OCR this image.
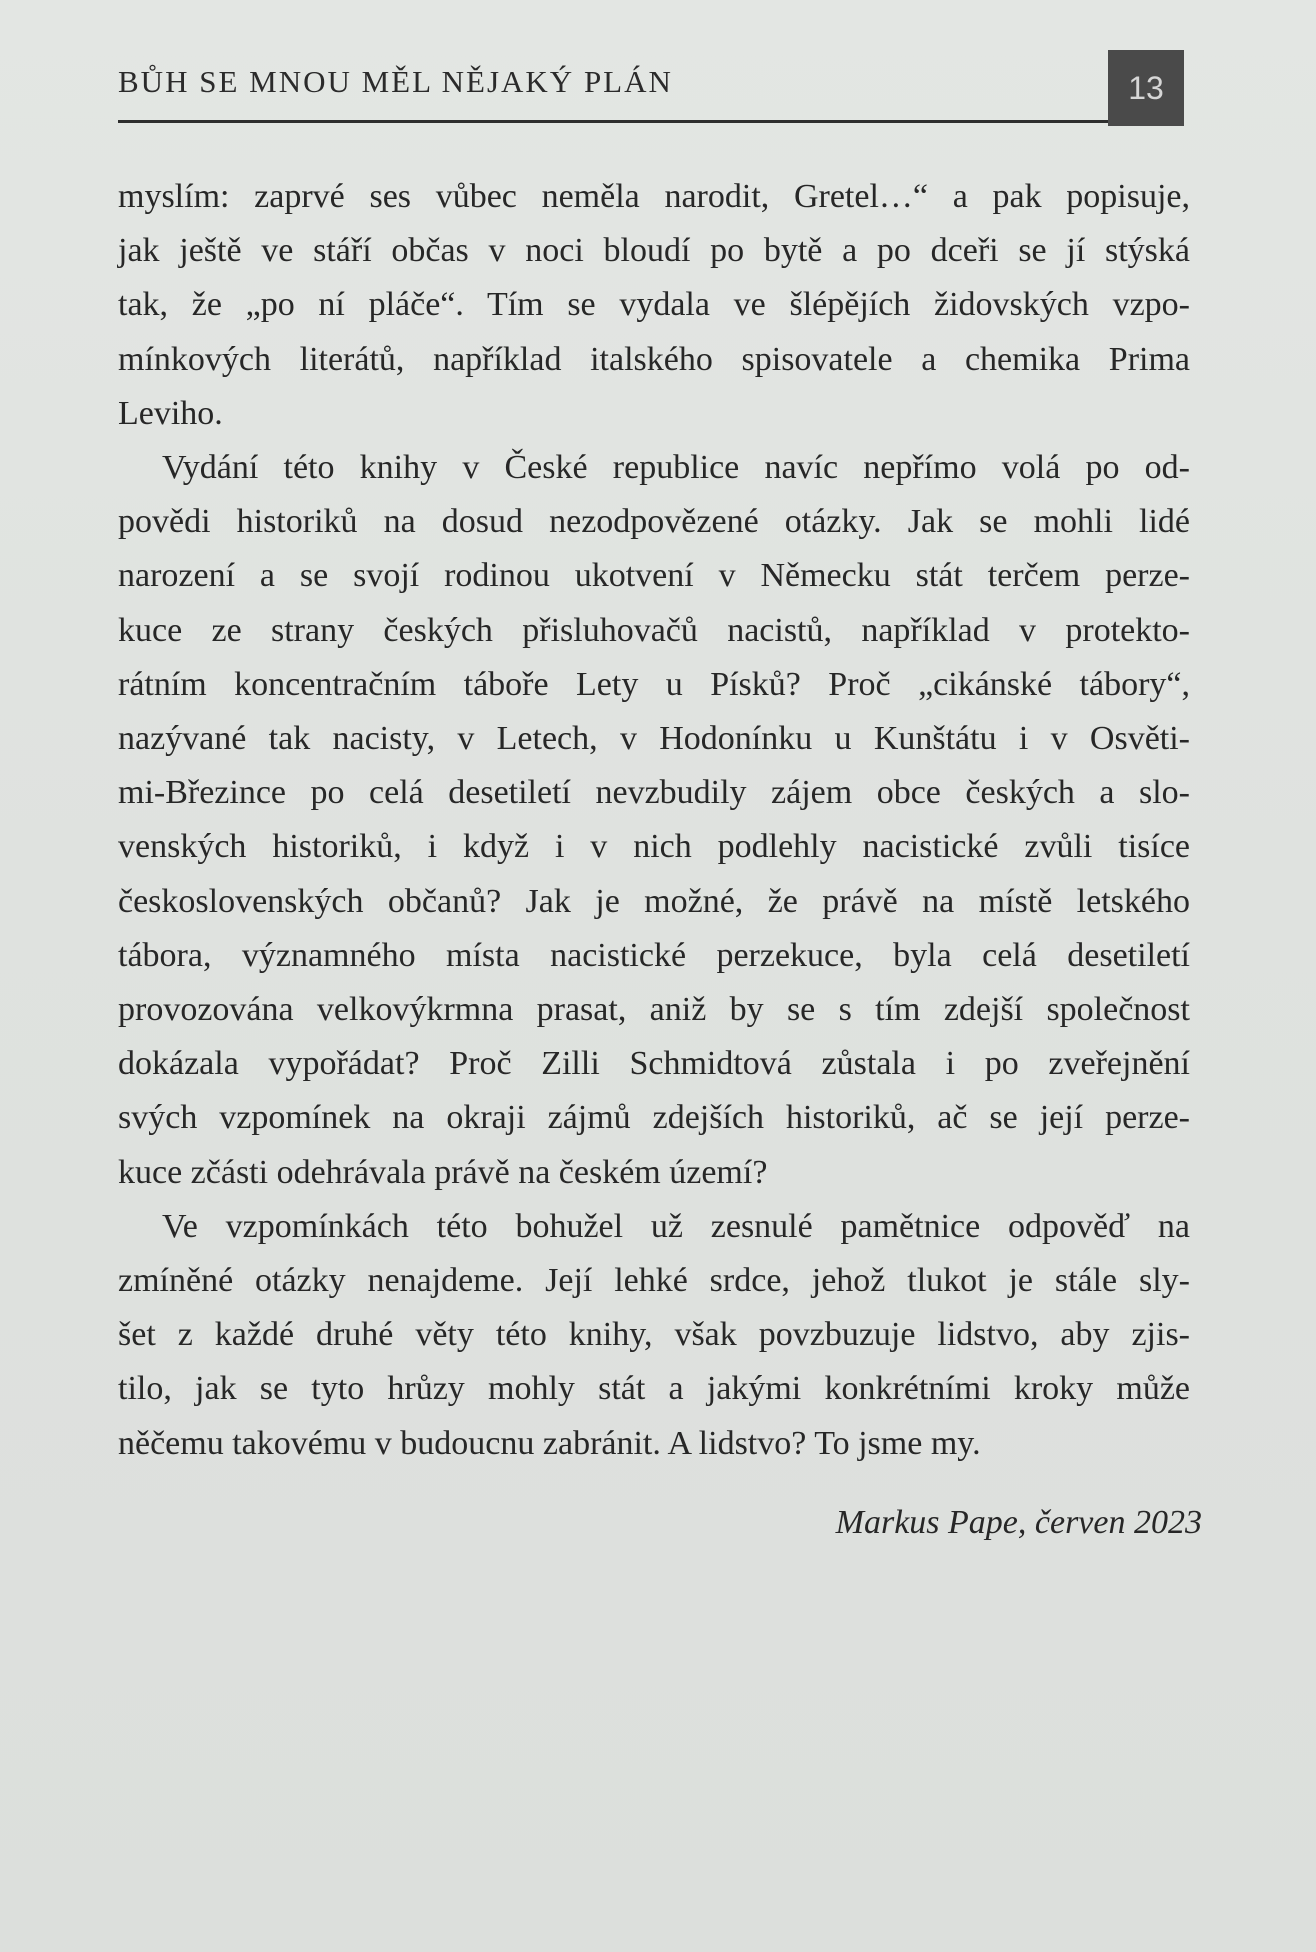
BŮH SE MNOU MĚL NĚJAKÝ PLÁN	13

myslím: zaprvé ses vůbec neměla narodit, Gretel…“ a pak popisuje,
jak ještě ve stáří občas v noci bloudí po bytě a po dceři se jí stýská
tak, že „po ní pláče“. Tím se vydala ve šlépějích židovských vzpo-
mínkových literátů, například italského spisovatele a chemika Prima
Leviho.

Vydání této knihy v České republice navíc nepřímo volá po od-
povědi historiků na dosud nezodpovězené otázky. Jak se mohli lidé
narození a se svojí rodinou ukotvení v Německu stát terčem perze-
kuce ze strany českých přisluhovačů nacistů, například v protekto-
rátním koncentračním táboře Lety u Písků? Proč „cikánské tábory“,
nazývané tak nacisty, v Letech, v Hodonínku u Kunštátu i v Osvěti-
mi-Březince po celá desetiletí nevzbudily zájem obce českých a slo-
venských historiků, i když i v nich podlehly nacistické zvůli tisíce
československých občanů? Jak je možné, že právě na místě letského
tábora, významného místa nacistické perzekuce, byla celá desetiletí
provozována velkovýkrmna prasat, aniž by se s tím zdejší společnost
dokázala vypořádat? Proč Zilli Schmidtová zůstala i po zveřejnění
svých vzpomínek na okraji zájmů zdejších historiků, ač se její perze-
kuce zčásti odehrávala právě na českém území?

Ve vzpomínkách této bohužel už zesnulé pamětnice odpověď na
zmíněné otázky nenajdeme. Její lehké srdce, jehož tlukot je stále sly-
šet z každé druhé věty této knihy, však povzbuzuje lidstvo, aby zjis-
tilo, jak se tyto hrůzy mohly stát a jakými konkrétními kroky může
něčemu takovému v budoucnu zabránit. A lidstvo? To jsme my.

Markus Pape, červen 2023
